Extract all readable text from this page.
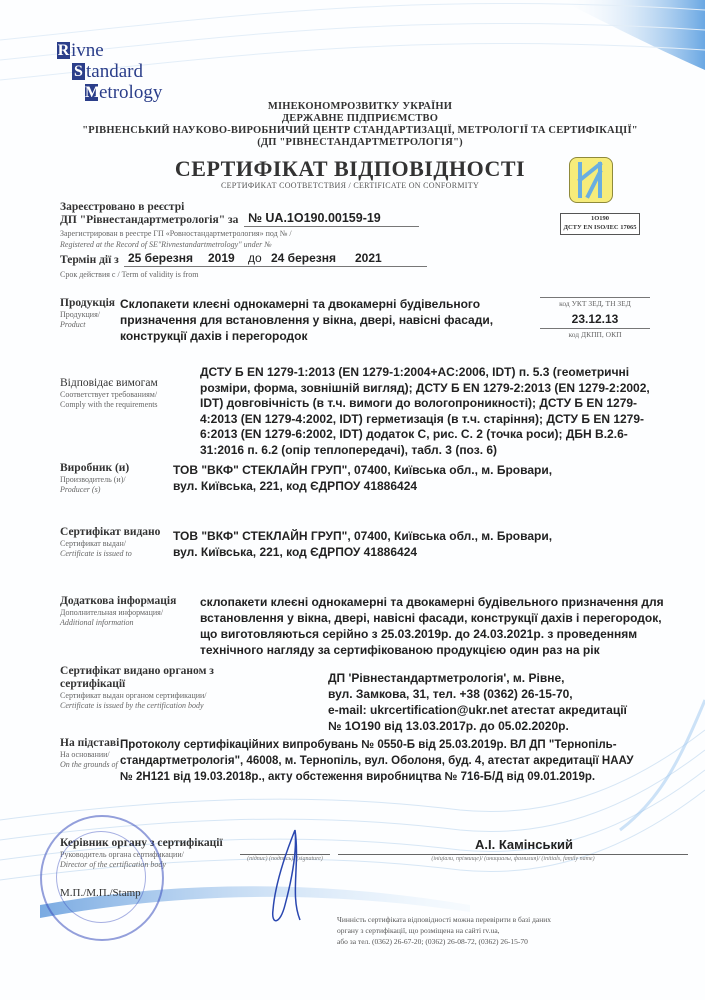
R ivne
S tandard
M
etrology
МІНЕКОНОМРОЗВИТКУ УКРАЇНИ
ДЕРЖАВНЕ ПІДПРИЄМСТВО
"РІВНЕНСЬКИЙ НАУКОВО-ВИРОБНИЧИЙ ЦЕНТР СТАНДАРТИЗАЦІЇ, МЕТРОЛОГІЇ ТА СЕРТИФІКАЦІЇ"
(ДП "РІВНЕСТАНДАРТМЕТРОЛОГІЯ")
СЕРТИФІКАТ ВІДПОВІДНОСТІ
СЕРТИФИКАТ СООТВЕТСТВИЯ / CERTIFICATE ON CONFORMITY
1О190
ДСТУ EN ISO/IEC 17065
Зареєстровано в реєстрі
ДП "Рівнестандартметрологія" за № UA.1O190.00159-19
Зарегистрирован в реестре ГП «Ровностандартметрология» под № /
Registered at the Record of SE"Rivnestandartmetrology" under №
Термін дії з 25 березня 2019 до 24 березня 2021
Срок действия с / Term of validity is from
Продукція
Продукция/
Product
Склопакети клеєні однокамерні та двокамерні будівельного
призначення для встановлення у вікна, двері, навісні фасади,
конструкції дахів і перегородок
код УКТ ЗЕД, ТН ЗЕД
23.12.13
код ДКПП, ОКП
Відповідає вимогам
Соответствует требованиям/
Comply with the requirements
ДСТУ Б EN 1279-1:2013 (EN 1279-1:2004+AC:2006, IDT) п. 5.3 (геометричні
розміри, форма, зовнішній вигляд); ДСТУ Б EN 1279-2:2013 (EN 1279-2:2002,
IDT) довговічність (в т.ч. вимоги до вологопроникності); ДСТУ Б EN 1279-
4:2013 (EN 1279-4:2002, IDT) герметизація (в т.ч. старіння); ДСТУ Б EN 1279-
6:2013 (EN 1279-6:2002, IDT) додаток С, рис. С. 2 (точка роси); ДБН В.2.6-
31:2016 п. 6.2 (опір теплопередачі), табл. 3 (поз. 6)
Виробник (и)
Производитель (и)/
Producer (s)
ТОВ "ВКФ" СТЕКЛАЙН ГРУП", 07400, Київська обл., м. Бровари,
вул. Київська, 221, код ЄДРПОУ 41886424
Сертифікат видано
Сертификат выдан/
Certificate is issued to
ТОВ "ВКФ" СТЕКЛАЙН ГРУП", 07400, Київська обл., м. Бровари,
вул. Київська, 221, код ЄДРПОУ 41886424
Додаткова інформація
Дополнительная информация/
Additional information
склопакети клеєні однокамерні та двокамерні будівельного призначення для
встановлення у вікна, двері, навісні фасади, конструкції дахів і перегородок,
що виготовляються серійно з 25.03.2019р. до 24.03.2021р. з проведенням
технічного нагляду за сертифікованою продукцією один раз на рік
Сертифікат видано органом з сертифікації
Сертификат выдан органом сертификации/
Certificate is issued by the certification body
ДП 'Рівнестандартметрологія', м. Рівне,
вул. Замкова, 31, тел. +38 (0362) 26-15-70,
e-mail: ukrcertification@ukr.net атестат акредитації
№ 1О190 від 13.03.2017р. до 05.02.2020р.
На підставі
На основании/
On the grounds of
Протоколу сертифікаційних випробувань № 0550-Б від 25.03.2019р. ВЛ ДП "Тернопіль-
стандартметрологія", 46008, м. Тернопіль, вул. Оболоня, буд. 4, атестат акредитації НААУ
№ 2Н121 від 19.03.2018р., акту обстеження виробництва № 716-Б/Д від 09.01.2019р.
Керівник органу з сертифікації
Руководитель органа сертификации/
Director of the certification body
М.П./М.П./Stamp
(підпис) (подпись)/ (signature)
А.І. Камінський
(ініціали, прізвище)/ (инициалы, фамилия)/ (initials, family name)
Чинність сертифіката відповідності можна перевірити в базі даних
органу з сертифікації, що розміщена на сайті rv.ua,
або за тел. (0362) 26-67-20; (0362) 26-08-72, (0362) 26-15-70
